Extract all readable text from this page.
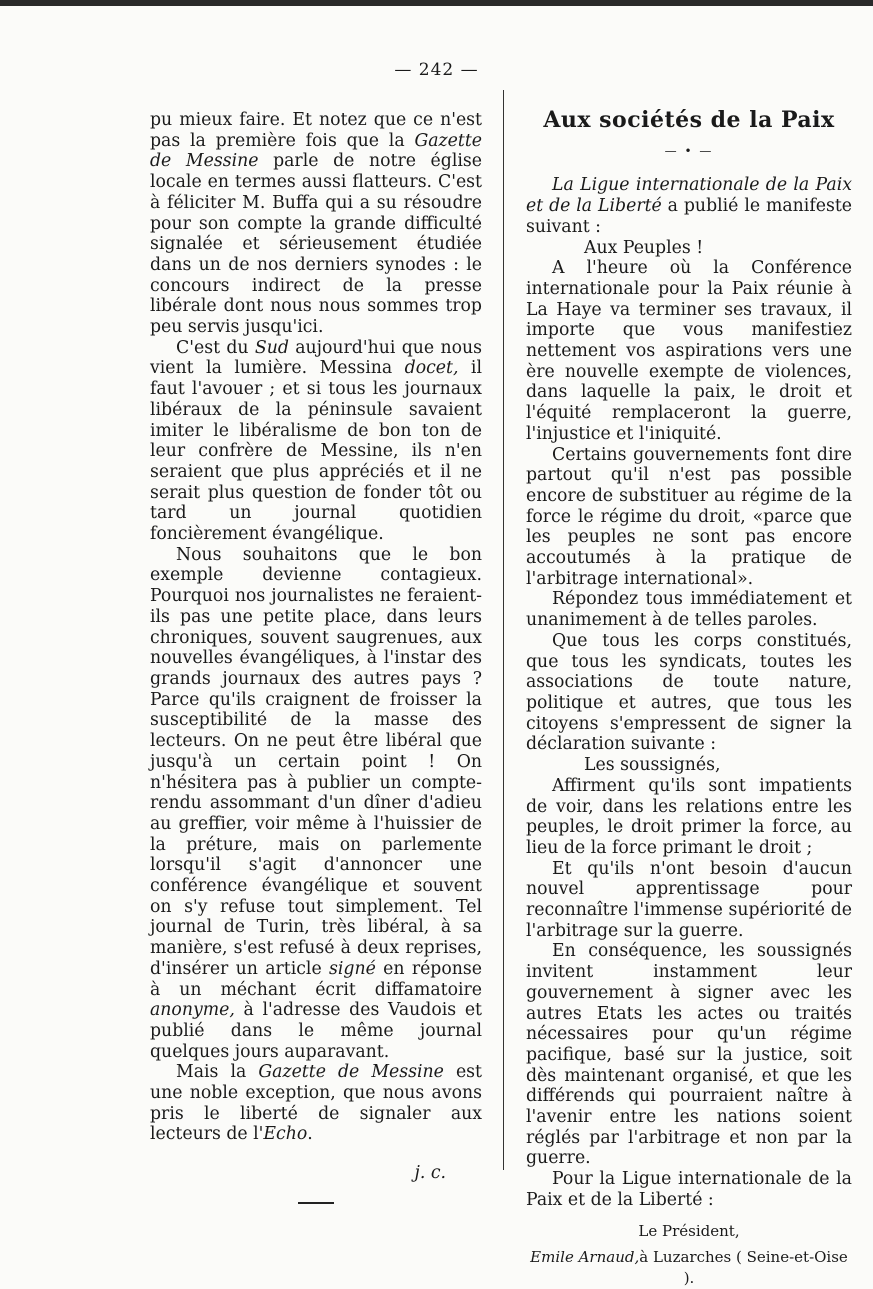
— 242 —

pu mieux faire. Et notez que ce n'est pas la première fois que la Gazette de Messine parle de notre église locale en termes aussi flatteurs. C'est à féliciter M. Buffa qui a su résoudre pour son compte la grande difficulté signalée et sérieusement étudiée dans un de nos derniers synodes : le concours indirect de la presse libérale dont nous nous sommes trop peu servis jusqu'ici.

C'est du Sud aujourd'hui que nous vient la lumière. Messina docet, il faut l'avouer ; et si tous les journaux libéraux de la péninsule savaient imiter le libéralisme de bon ton de leur confrère de Messine, ils n'en seraient que plus appréciés et il ne serait plus question de fonder tôt ou tard un journal quotidien foncièrement évangélique.

Nous souhaitons que le bon exemple devienne contagieux. Pourquoi nos journalistes ne feraient-ils pas une petite place, dans leurs chroniques, souvent saugrenues, aux nouvelles évangéliques, à l'instar des grands journaux des autres pays ? Parce qu'ils craignent de froisser la susceptibilité de la masse des lecteurs. On ne peut être libéral que jusqu'à un certain point ! On n'hésitera pas à publier un compte-rendu assommant d'un dîner d'adieu au greffier, voir même à l'huissier de la préture, mais on parlemente lorsqu'il s'agit d'annoncer une conférence évangélique et souvent on s'y refuse tout simplement. Tel journal de Turin, très libéral, à sa manière, s'est refusé à deux reprises, d'insérer un article signé en réponse à un méchant écrit diffamatoire anonyme, à l'adresse des Vaudois et publié dans le même journal quelques jours auparavant.

Mais la Gazette de Messine est une noble exception, que nous avons pris le liberté de signaler aux lecteurs de l'Echo.

j. c.
Aux sociétés de la Paix
— • —

La Ligue internationale de la Paix et de la Liberté a publié le manifeste suivant :

Aux Peuples !

A l'heure où la Conférence internationale pour la Paix réunie à La Haye va terminer ses travaux, il importe que vous manifestiez nettement vos aspirations vers une ère nouvelle exempte de violences, dans laquelle la paix, le droit et l'équité remplaceront la guerre, l'injustice et l'iniquité.

Certains gouvernements font dire partout qu'il n'est pas possible encore de substituer au régime de la force le régime du droit, «parce que les peuples ne sont pas encore accoutumés à la pratique de l'arbitrage international».

Répondez tous immédiatement et unanimement à de telles paroles.

Que tous les corps constitués, que tous les syndicats, toutes les associations de toute nature, politique et autres, que tous les citoyens s'empressent de signer la déclaration suivante :

Les soussignés,

Affirment qu'ils sont impatients de voir, dans les relations entre les peuples, le droit primer la force, au lieu de la force primant le droit ;

Et qu'ils n'ont besoin d'aucun nouvel apprentissage pour reconnaître l'immense supériorité de l'arbitrage sur la guerre.

En conséquence, les soussignés invitent instamment leur gouvernement à signer avec les autres Etats les actes ou traités nécessaires pour qu'un régime pacifique, basé sur la justice, soit dès maintenant organisé, et que les différends qui pourraient naître à l'avenir entre les nations soient réglés par l'arbitrage et non par la guerre.

Pour la Ligue internationale de la Paix et de la Liberté :

Le Président,
Emile Arnaud,à Luzarches ( Seine-et-Oise ).
